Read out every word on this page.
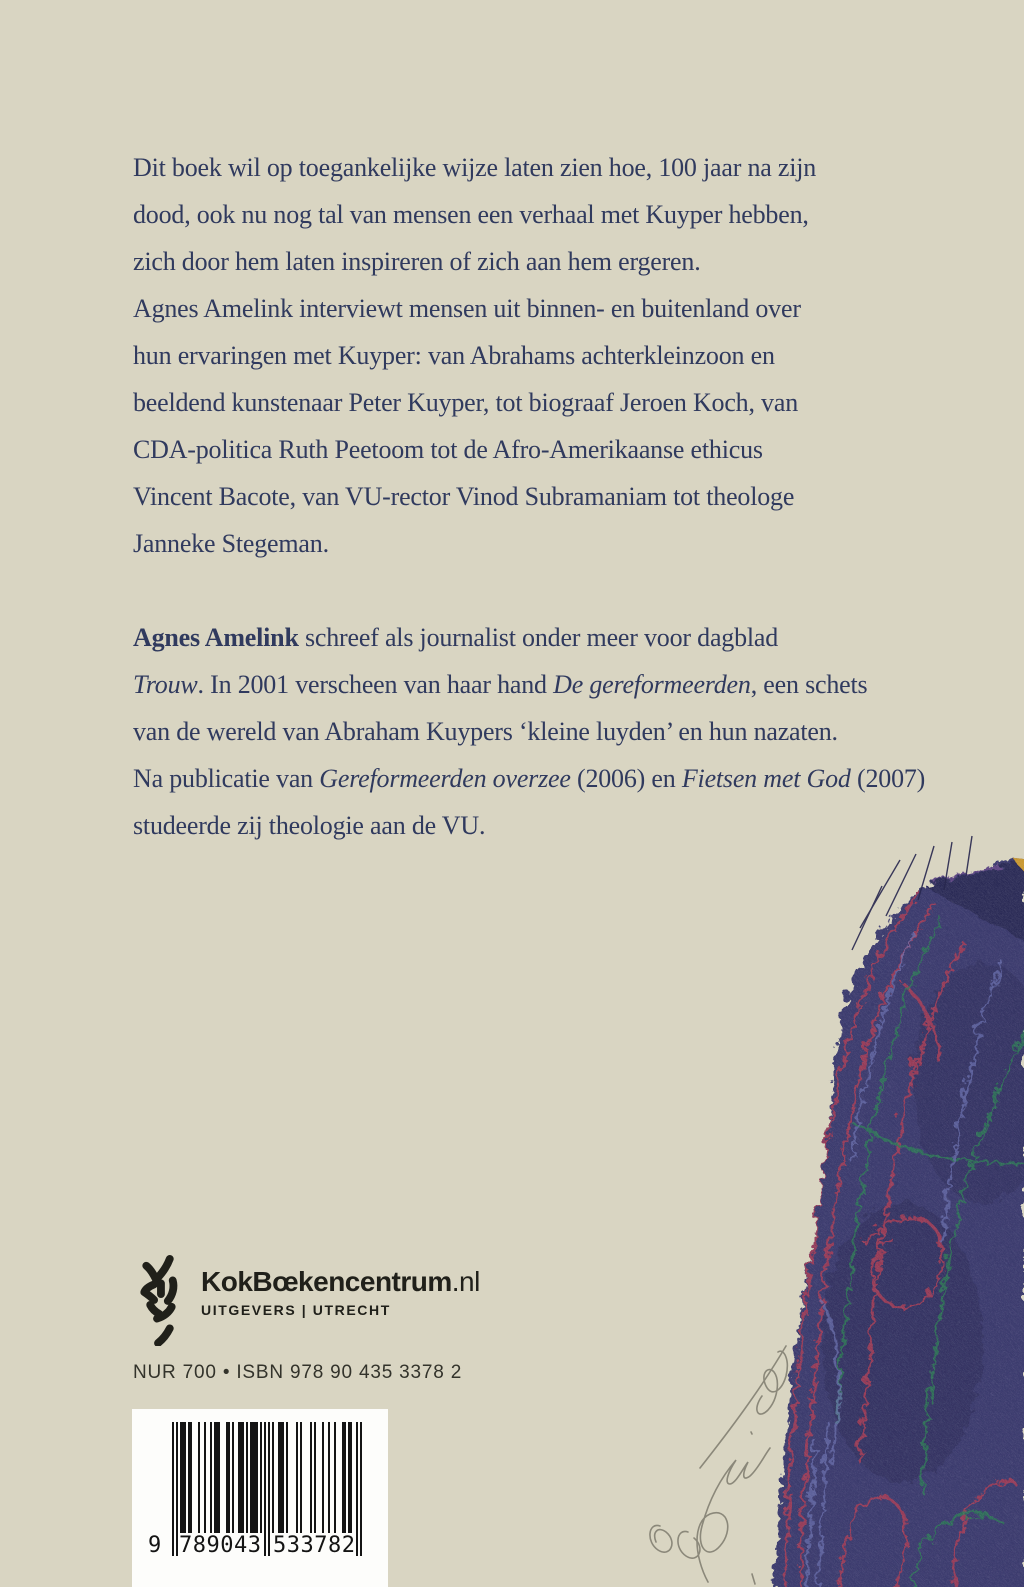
Dit boek wil op toegankelijke wijze laten zien hoe, 100 jaar na zijn
dood, ook nu nog tal van mensen een verhaal met Kuyper hebben,
zich door hem laten inspireren of zich aan hem ergeren.
Agnes Amelink interviewt mensen uit binnen- en buitenland over
hun ervaringen met Kuyper: van Abrahams achterkleinzoon en
beeldend kunstenaar Peter Kuyper, tot biograaf Jeroen Koch, van
CDA-politica Ruth Peetoom tot de Afro-Amerikaanse ethicus
Vincent Bacote, van VU-rector Vinod Subramaniam tot theologe
Janneke Stegeman.
Agnes Amelink schreef als journalist onder meer voor dagblad
Trouw. In 2001 verscheen van haar hand De gereformeerden, een schets
van de wereld van Abraham Kuypers ‘kleine luyden’ en hun nazaten.
Na publicatie van Gereformeerden overzee (2006) en Fietsen met God (2007)
studeerde zij theologie aan de VU.
KokBœkencentrum.nl
UITGEVERS | UTRECHT
NUR 700 • ISBN 978 90 435 3378 2
9 789043 533782
